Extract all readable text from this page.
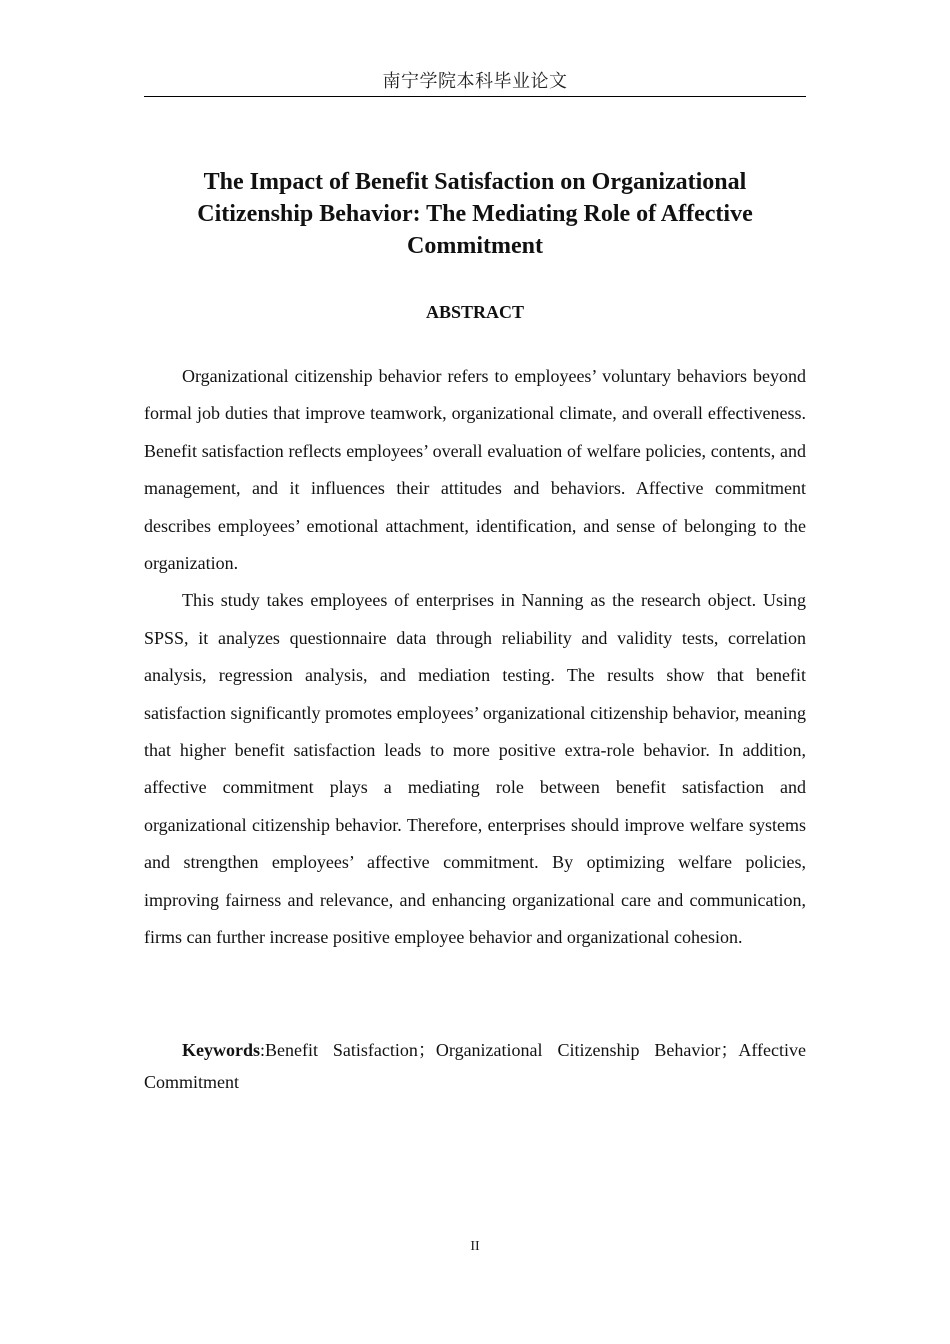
南宁学院本科毕业论文
The Impact of Benefit Satisfaction on Organizational Citizenship Behavior: The Mediating Role of Affective Commitment
ABSTRACT

Organizational citizenship behavior refers to employees’ voluntary behaviors beyond formal job duties that improve teamwork, organizational climate, and overall effectiveness. Benefit satisfaction reflects employees’ overall evaluation of welfare policies, contents, and management, and it influences their attitudes and behaviors. Affective commitment describes employees’ emotional attachment, identification, and sense of belonging to the organization.

This study takes employees of enterprises in Nanning as the research object. Using SPSS, it analyzes questionnaire data through reliability and validity tests, correlation analysis, regression analysis, and mediation testing. The results show that benefit satisfaction significantly promotes employees’ organizational citizenship behavior, meaning that higher benefit satisfaction leads to more positive extra-role behavior. In addition, affective commitment plays a mediating role between benefit satisfaction and organizational citizenship behavior. Therefore, enterprises should improve welfare systems and strengthen employees’ affective commitment. By optimizing welfare policies, improving fairness and relevance, and enhancing organizational care and communication, firms can further increase positive employee behavior and organizational cohesion.

Keywords:Benefit Satisfaction；Organizational Citizenship Behavior；Affective Commitment

II
